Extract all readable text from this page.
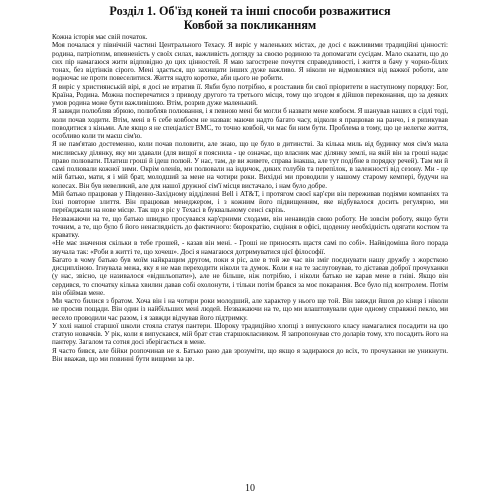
Розділ 1. Об'їзд коней та інші способи розважитися
Ковбой за покликанням

Кожна історія має свій початок.

Моя почалася у північній частині Центрального Техасу. Я виріс у маленьких містах, де досі є важливими традиційні цінності: родина, патріотизм, впевненість у своїх силах, важливість догляду за своєю родиною та допомагати сусідам. Мало сказати, що до сих пір намагаюся жити відповідно до цих цінностей. Я маю загострене почуття справедливості, і життя в бачу у чорно-білих тонах, без відтінків сірого. Мені здається, що захищати інших дуже важливо. Я ніколи не відмовлявся від важкої роботи, але водночас не проти повеселитися. Життя надто коротке, аби цього не робити.

Я виріс у християнській вірі, я досі не втратив її. Якби було потрібно, я розставив би свої пріоритети в наступному порядку: Бог, Країна, Родина. Можна посперечатися з приводу другого та третього місця, тому що згодом я дійшов переконання, що за деяких умов родина може бути важливішою. Втім, розрив дуже маленький.

Я завжди полюбляв збрюю, полюбляв полювання, і я певною мені би могли б назвати мене ковбоєм. Я шанував наших в сідлі тоді, коли почав ходити. Втім, мені в 6 себе ковбоєм не назвав: маючи надто багато часу, відколи я працював на ранчо, і я ризикував поводитися з кіньми. Але якщо я не спеціаліст ВМС, то точно ковбой, чи має би ним бути. Проблема в тому, що це нелегке життя, особливо коли ти маєш сім'ю.

Я не пам'ятаю достеменно, коли почав половити, але знаю, що це було в дитинстві. За кілька миль від будинку моя сім'я мала мисливську ділянку, яку ми здавали (для вищої я пояснила - це означає, що власник має ділянку землі, на якій він за гроші надає право полювати. Платиш гроші й ідеш полюй. У нас, там, де ви живете, справа інакша, але тут подібне в порядку речей). Там ми й самі полювали кожної зими. Окрім оленів, ми полювали на індичок, диких голубів та перепілок, в залежності від сезону. Ми - це мій батько, мати, я і мій брат, молодший за мене на чотири роки. Вихідні ми проводили у нашому старому кемпері, будучи на колесах. Він був невеликий, але для нашої дружної сім'ї місця вистачало, і нам було добре.

Мій батько працював у Південно-Західному відділенні Bell і AT&T, і протягом своєї кар'єри він переживав подіями компаніях та їхні повторне злиття. Він працював менеджером, і з кожним його підвищенням, яке відбувалося досить регулярно, ми переїжджали на нове місце. Так що я ріс у Техасі в буквальному сенсі скрізь.

Незважаючи на те, що батько швидко просувався кар'єрними сходами, він ненавидів свою роботу. Не зовсім роботу, якщо бути точним, а те, що було б його ненаглядність до фактичного: бюрократію, сидіння в офісі, щоденну необхідність одягати костюм та краватку.

«Не має значення скільки в тебе грошей, - казав він мені. - Гроші не приносять щастя самі по собі». Найвідоміша його порада звучала так: «Роби в житті те, що хочеш». Досі я намагаюся дотримуватися цієї філософії.

Багато в чому батько був моїм найкращим другом, поки я ріс, але в той же час він зміг поєднувати нашу дружбу з жорсткою дисципліною. Ігнувала межа, яку я не мав переходити ніколи та думок. Коли я на те заслуговував, то діставав доброї прочуханки (у нас, звісно, це називалося «відшльопати»), але не більше, ніж потрібно, і ніколи батько не карав мене в гніві. Якщо він сердився, то спочатку кілька хвилин давав собі охолонути, і тільки потім брався за моє покарання. Все було під контролем. Потім він обіймав мене.

Ми часто билися з братом. Хоча він і на чотири роки молодший, але характер у нього ще той. Він завжди йшов до кінця і ніколи не просив пощади. Він один із найбільших мені людей. Незважаючи на те, що ми влаштовували одне одному справжні пекло, ми весело проводили час разом, і я завжди відчував його підтримку.

У холі нашої старшої школи стояла статуя пантери. Шороку традиційно хлопці з випускного класу намагалися посадити на цю статую новачків. У рік, коли я випускався, мій брат став старшокласником. Я запропонував сто доларів тому, хто посадить його на пантеру. Загалом та сотня досі зберігається в мене.

Я часто бився, але бійки розпочинав не я. Батько рано дав зрозуміти, що якщо я задираюся до всіх, то прочуханки не уникнути. Він вважав, що ми повинні бути вищими за це.

10
